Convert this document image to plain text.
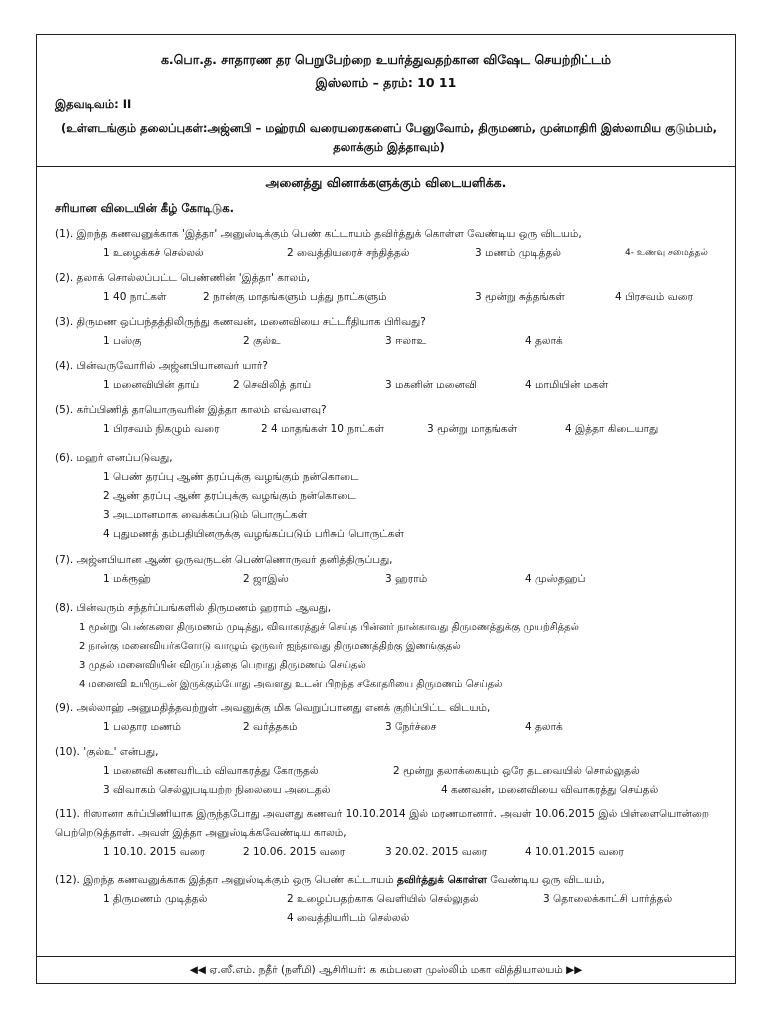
க.பொ.த. சாதாரண தர பெறுபேற்றை உயர்த்துவதற்கான விஷேட செயற்றிட்டம்
இஸ்லாம் – தரம்: 10 11
இதவடிவம்: II
(உள்ளடங்கும் தலைப்புகள்:அஜ்னபி – மஹ்ரமி வரையரைகளைப் பேனுவோம், திருமணம், முன்மாதிரி இஸ்லாமிய குடும்பம், தலாக்கும் இத்தாவும்)
அனைத்து வினாக்களுக்கும் விடையளிக்க.
சரியான விடையின் கீழ் கோடிடுக.
(1). இறந்த கணவனுக்காக 'இத்தா' அனுஸ்டிக்கும் பெண் கட்டாயம் தவிர்த்துக் கொள்ள வேண்டிய ஒரு விடயம்,
1 உழைக்கச் செல்லல்	2 வைத்தியரைச் சந்தித்தல்	3 மணம் முடித்தல்	4- உணவு சமைத்தல்
(2). தலாக் சொல்லப்பட்ட பெண்ணின் 'இத்தா' காலம்,
1 40 நாட்கள்	2 நான்கு மாதங்களும் பத்து நாட்களும்	3 மூன்று சுத்தங்கள்	4 பிரசவம் வரை
(3). திருமண ஒப்பந்தத்திலிருந்து கணவன், மனைவியை சட்டரீதியாக பிரிவது?
1 பஸ்கு	2 குல்உ	3 ஈலாஉ	4 தலாக்
(4). பின்வருவோரில் அஜ்னபியானவர் யார்?
1 மனைவியின் தாய்	2 செவிலித் தாய்	3 மகனின் மனைவி	4 மாமியின் மகள்
(5). கர்ப்பிணித் தாயொருவரின் இத்தா காலம் எவ்வளவு?
1 பிரசவம் நிகழும் வரை	2 4 மாதங்கள் 10 நாட்கள்	3 மூன்று மாதங்கள்	4 இத்தா கிடையாது
(6). மஹர் எனப்படுவது,
1 பெண் தரப்பு ஆண் தரப்புக்கு வழங்கும் நன்கொடை
2 ஆண் தரப்பு ஆண் தரப்புக்கு வழங்கும் நன்கொடை
3 அடமானமாக வைக்கப்படும் பொருட்கள்
4 புதுமணத் தம்பதியினருக்கு வழங்கப்படும் பரிசுப் பொருட்கள்
(7). அஜ்னபியான ஆண் ஒருவருடன் பெண்ணொருவர் தனித்திருப்பது,
1 மக்ரூஹ்	2 ஜாஇஸ்	3 ஹராம்	4 முஸ்தஹப்
(8). பின்வரும் சந்தர்ப்பங்களில் திருமணம் ஹராம் ஆவது,
1 மூன்று பெண்களை திருமணம் முடித்து, விவாகரத்துச் செய்த பின்னர் நான்காவது திருமணத்துக்கு முயற்சித்தல்
2 நான்கு மனைவியர்களோடு வாழும் ஒருவர் ஐந்தாவது திருமணத்திற்கு இணங்குதல்
3 முதல் மனைவியின் விருப்பத்தை பெறாது திருமணம் செய்தல்
4 மனைவி உயிருடன் இருக்கும்போது அவளது உடன் பிறந்த சகோதரியை திருமணம் செய்தல்
(9). அல்லாஹ் அனுமதித்தவற்றுள் அவனுக்கு மிக வெறுப்பானது எனக் குறிப்பிட்ட விடயம்,
1 பலதார மணம்	2 வர்த்தகம்	3 நேர்ச்சை	4 தலாக்
(10). 'குல்உ' என்பது,
1 மனைவி கணவரிடம் விவாகரத்து கோருதல்	2 மூன்று தலாக்கையும் ஒரே தடவையில் சொல்லுதல்
3 விவாகம் செல்லுபடியற்ற நிலையை அடைதல்	4 கணவன், மனைவியை விவாகரத்து செய்தல்
(11). ரிஸானா கர்ப்பிணியாக இருந்தபோது அவளது கணவர் 10.10.2014 இல் மரணமானார். அவள் 10.06.2015 இல் பிள்ளையொன்றை பெற்றெடுத்தாள். அவள் இத்தா அனுஸ்டிக்கவேண்டிய காலம்,
1 10.10. 2015 வரை	2 10.06. 2015 வரை	3 20.02. 2015 வரை	4 10.01.2015 வரை
(12). இறந்த கணவனுக்காக இத்தா அனுஸ்டிக்கும் ஒரு பெண் கட்டாயம் தவிர்த்துக் கொள்ள வேண்டிய ஒரு விடயம்,
1 திருமணம் முடித்தல்	2 உழைப்பதற்காக வெளியில் செல்லுதல்	3 தொலைக்காட்சி பார்த்தல்
4 வைத்தியரிடம் செல்லல்
◀◀ ஏ.ஸீ.எம். நதீர் (நளீமி) ஆசிரியர்: க கம்பளை முஸ்லிம் மகா வித்தியாலயம் ▶▶
